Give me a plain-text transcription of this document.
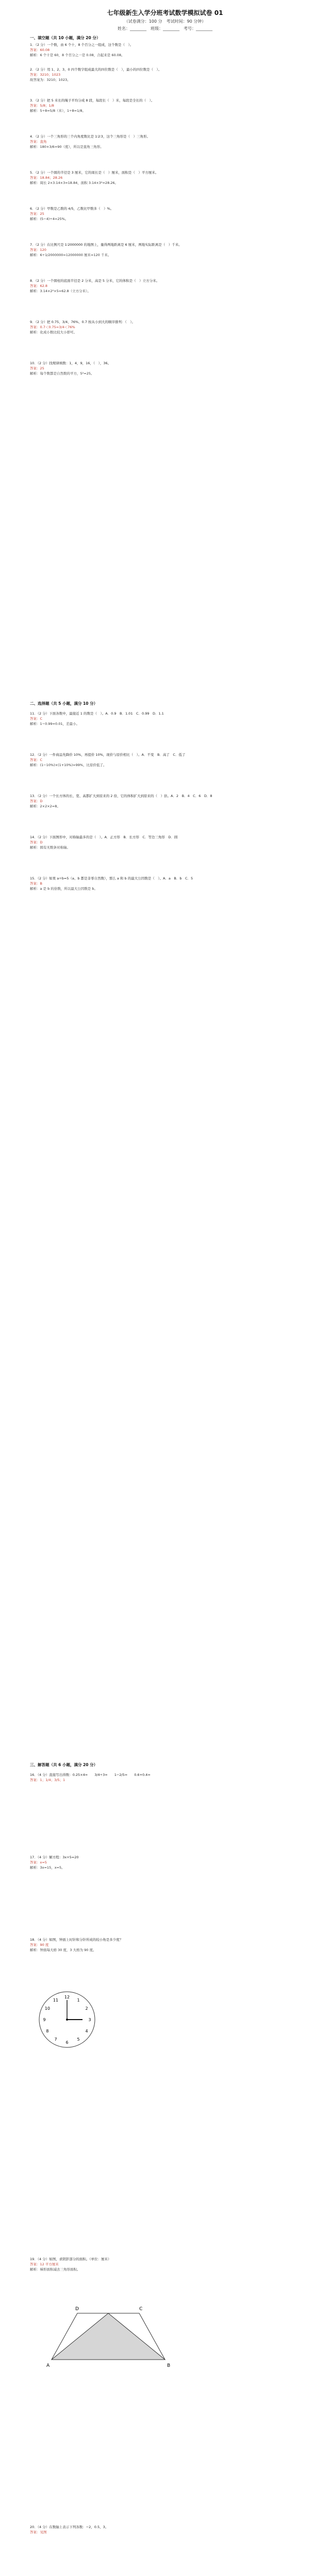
七年级新生入学分班考试数学模拟试卷 01
（试卷满分：100 分　考试时间：90 分钟）
姓名：________　班级：________　考号：________
一、填空题（共 10 小题，满分 20 分）
二、选择题（共 5 小题，满分 10 分）
三、解答题（共 6 小题，满分 20 分）

1．（2 分）一个数，由 6 个十，8 个百分之一组成，这个数是（　）。

答案：60.08

解析：6 个十是 60，8 个百分之一是 0.08，合起来是 60.08。

2．（2 分）用 1、2、3、0 四个数字组成最大的四位数是（　），最小的四位数是（　）。

答案：3210；1023

故答案为：3210；1023。

3．（2 分）把 5 米长的绳子平均分成 8 段，每段长（　）米，每段是全长的（　）。

答案：5/8；1/8

解析：5÷8=5/8（米），1÷8=1/8。

4．（2 分）一个三角形的三个内角度数比是 1∶2∶3，这个三角形是（　）三角形。

答案：直角

解析：180×3/6=90（度），所以是直角三角形。

5．（2 分）一个圆的半径是 3 厘米，它的周长是（　）厘米，面积是（　）平方厘米。

答案：18.84；28.26

解析：周长 2×3.14×3=18.84，面积 3.14×3²=28.26。

6．（2 分）甲数是乙数的 4/5，乙数比甲数多（　）%。

答案：25

解析：(5−4)÷4=25%。

7．（2 分）在比例尺是 1∶2000000 的地图上，量得两地距离是 6 厘米，两地实际距离是（　）千米。

答案：120

解析：6÷1/2000000=12000000 厘米=120 千米。

8．（2 分）一个圆柱的底面半径是 2 分米，高是 5 分米，它的体积是（　）立方分米。

答案：62.8

解析：3.14×2²×5=62.8（立方分米）。

9．（2 分）把 0.75、3/4、76%、0.7 按从小到大的顺序排列：（　）。

答案：0.7＜0.75=3/4＜76%

解析：化成小数比较大小即可。

10．（2 分）找规律填数：1，4，9，16，（　），36。

答案：25

解析：每个数都是自然数的平方，5²=25。

11．（2 分）下面各数中，最接近 1 的数是（　）。A．0.9　B．1.01　C．0.99　D．1.1

答案：C

解析：1−0.99=0.01，差最小。

12．（2 分）一件商品先降价 10%，再提价 10%，现价与原价相比（　）。A．不变　B．高了　C．低了

答案：C

解析：(1−10%)×(1+10%)=99%，比原价低了。

13．（2 分）一个长方体的长、宽、高都扩大到原来的 2 倍，它的体积扩大到原来的（　）倍。A．2　B．4　C．6　D．8

答案：D

解析：2×2×2=8。

14．（2 分）下面图形中，对称轴最多的是（　）。A．正方形　B．长方形　C．等边三角形　D．圆

答案：D

解析：圆有无数条对称轴。

15．（2 分）如果 a÷b=5（a、b 都是非零自然数），那么 a 和 b 的最大公因数是（　）。A．a　B．b　C．5

答案：B

解析：a 是 b 的倍数，所以最大公因数是 b。

16．（4 分）直接写出得数：0.25×4=　　3/4÷3=　　1−2/5=　　0.6+0.4=

答案：1；1/4；3/5；1

17．（4 分）解方程：3x+5=20

答案：x=5

解析：3x=15，x=5。

18．（4 分）如图，钟面上时针和分针所成的较小角是多少度？

答案：90 度

解析：钟面每大格 30 度，3 大格为 90 度。

19．（4 分）如图，求阴影部分的面积。（单位：厘米）

答案：12 平方厘米

解析：梯形面积减去三角形面积。

20．（4 分）在数轴上表示下列各数：−2，0.5，3。

答案：见图

12
1
2
3
4
5
6
7
8
9
10
11
A	B
C
D
